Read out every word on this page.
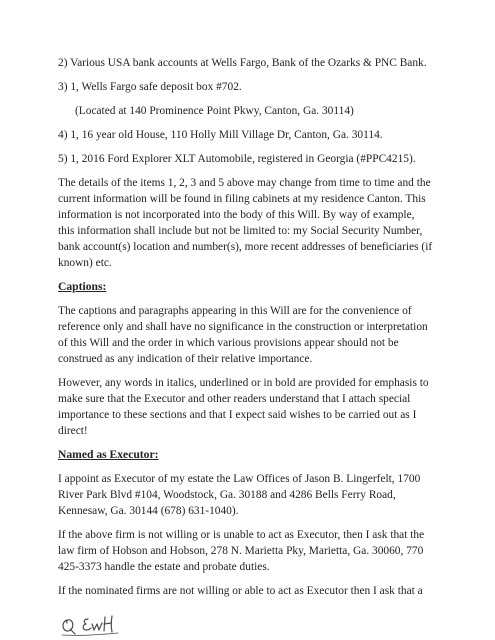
2) Various USA bank accounts at Wells Fargo, Bank of the Ozarks & PNC Bank.
3) 1, Wells Fargo safe deposit box #702.
(Located at 140 Prominence Point Pkwy, Canton, Ga. 30114)
4) 1, 16 year old House, 110 Holly Mill Village Dr, Canton, Ga. 30114.
5) 1, 2016 Ford Explorer XLT Automobile, registered in Georgia (#PPC4215).
The details of the items 1, 2, 3 and 5 above may change from time to time and the
current information will be found in filing cabinets at my residence Canton. This
information is not incorporated into the body of this Will. By way of example,
this information shall include but not be limited to: my Social Security Number,
bank account(s) location and number(s), more recent addresses of beneficiaries (if
known) etc.
Captions:
The captions and paragraphs appearing in this Will are for the convenience of
reference only and shall have no significance in the construction or interpretation
of this Will and the order in which various provisions appear should not be
construed as any indication of their relative importance.
However, any words in italics, underlined or in bold are provided for emphasis to
make sure that the Executor and other readers understand that I attach special
importance to these sections and that I expect said wishes to be carried out as I
direct!
Named as Executor:
I appoint as Executor of my estate the Law Offices of Jason B. Lingerfelt, 1700
River Park Blvd #104, Woodstock, Ga. 30188 and 4286 Bells Ferry Road,
Kennesaw, Ga. 30144 (678) 631-1040).
If the above firm is not willing or is unable to act as Executor, then I ask that the
law firm of Hobson and Hobson, 278 N. Marietta Pky, Marietta, Ga. 30060, 770
425-3373 handle the estate and probate duties.
If the nominated firms are not willing or able to act as Executor then I ask that a
